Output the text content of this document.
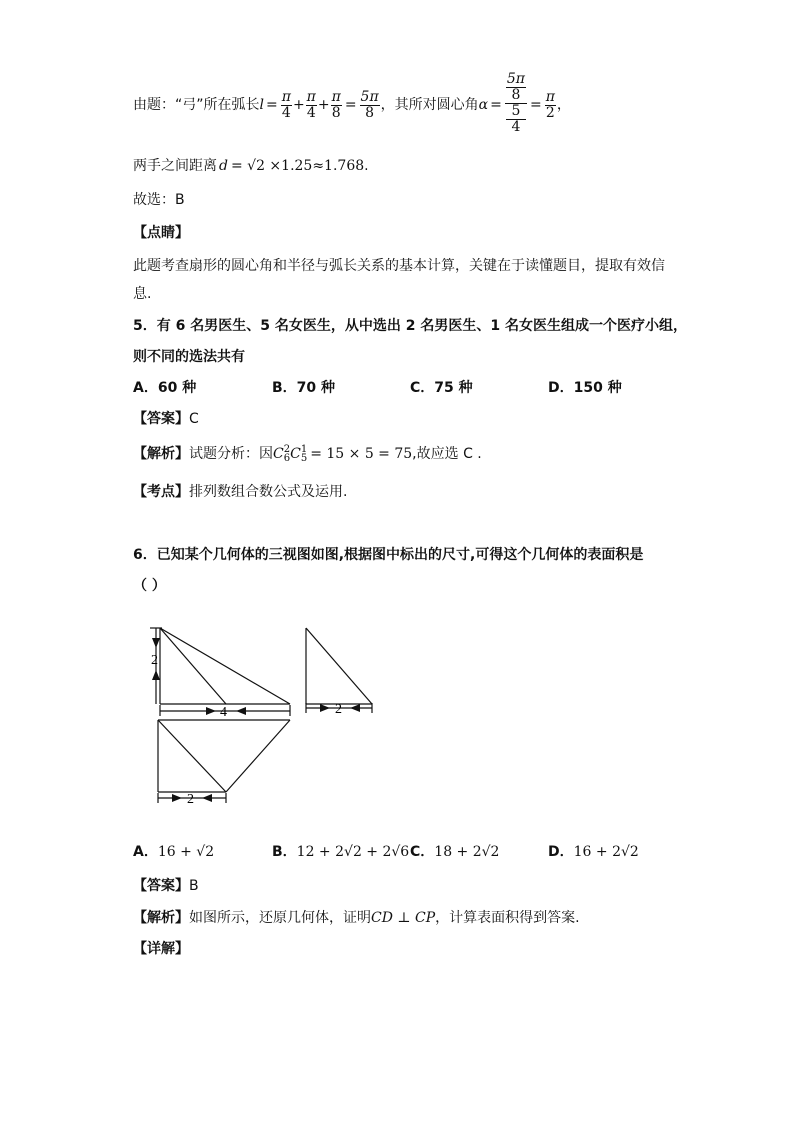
由题：“弓”所在弧长 $l = \frac{\pi}{4} + \frac{\pi}{4} + \frac{\pi}{8} = \frac{5\pi}{8}$ ，其所对圆心角 $\alpha = \frac{5\pi}{8}$
5
$4 = \frac{\pi}{2}$ ，
两手之间距离 d = √2 ×1.25≈1.768.
故选：B
【点睛】
此题考查扇形的圆心角和半径与弧长关系的基本计算，关键在于读懂题目，提取有效信
息.
5．有 6 名男医生、5 名女医生，从中选出 2 名男医生、1 名女医生组成一个医疗小组，
则不同的选法共有
A．60 种	B．70 种	C．75 种	D．150 种
【答案】C
【解析】试题分析：因C 2
6 C 1
5 = 15 × 5 = 75,故应选 C .
【考点】排列数组合数公式及运用.
6．已知某个几何体的三视图如图,根据图中标出的尺寸,可得这个几何体的表面积是
（ ）
2
4	2
2
A．16 + √2	B．12 + 2√2 + 2√6 C．18 + 2√2	D．16 + 2√2
【答案】B
【解析】如图所示，还原几何体，证明CD ⊥ CP，计算表面积得到答案.
【详解】
